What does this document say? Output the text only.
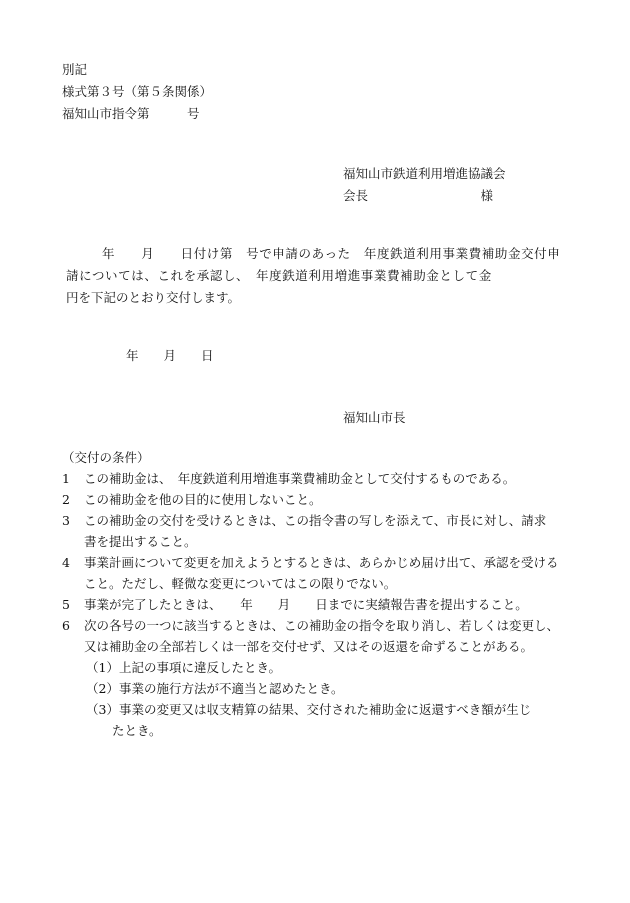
別記
様式第３号（第５条関係）
福知山市指令第　　　号
福知山市鉄道利用増進協議会
会長　　　　　　　　　様
年　　月　　日付け第　号で申請のあった　年度鉄道利用事業費補助金交付申
請については、これを承認し、　年度鉄道利用増進事業費補助金として金
円を下記のとおり交付します。
年　　月　　日
福知山市長
（交付の条件）
1 この補助金は、　年度鉄道利用増進事業費補助金として交付するものである。
2 この補助金を他の目的に使用しないこと。
3 この補助金の交付を受けるときは、この指令書の写しを添えて、市長に対し、請求
書を提出すること。
4 事業計画について変更を加えようとするときは、あらかじめ届け出て、承認を受ける
こと。ただし、軽微な変更についてはこの限りでない。
5 事業が完了したときは、　　年　　月　　日までに実績報告書を提出すること。
6 次の各号の一つに該当するときは、この補助金の指令を取り消し、若しくは変更し、
又は補助金の全部若しくは一部を交付せず、又はその返還を命ずることがある。
（1）上記の事項に違反したとき。
（2）事業の施行方法が不適当と認めたとき。
（3）事業の変更又は収支精算の結果、交付された補助金に返還すべき額が生じ
たとき。
